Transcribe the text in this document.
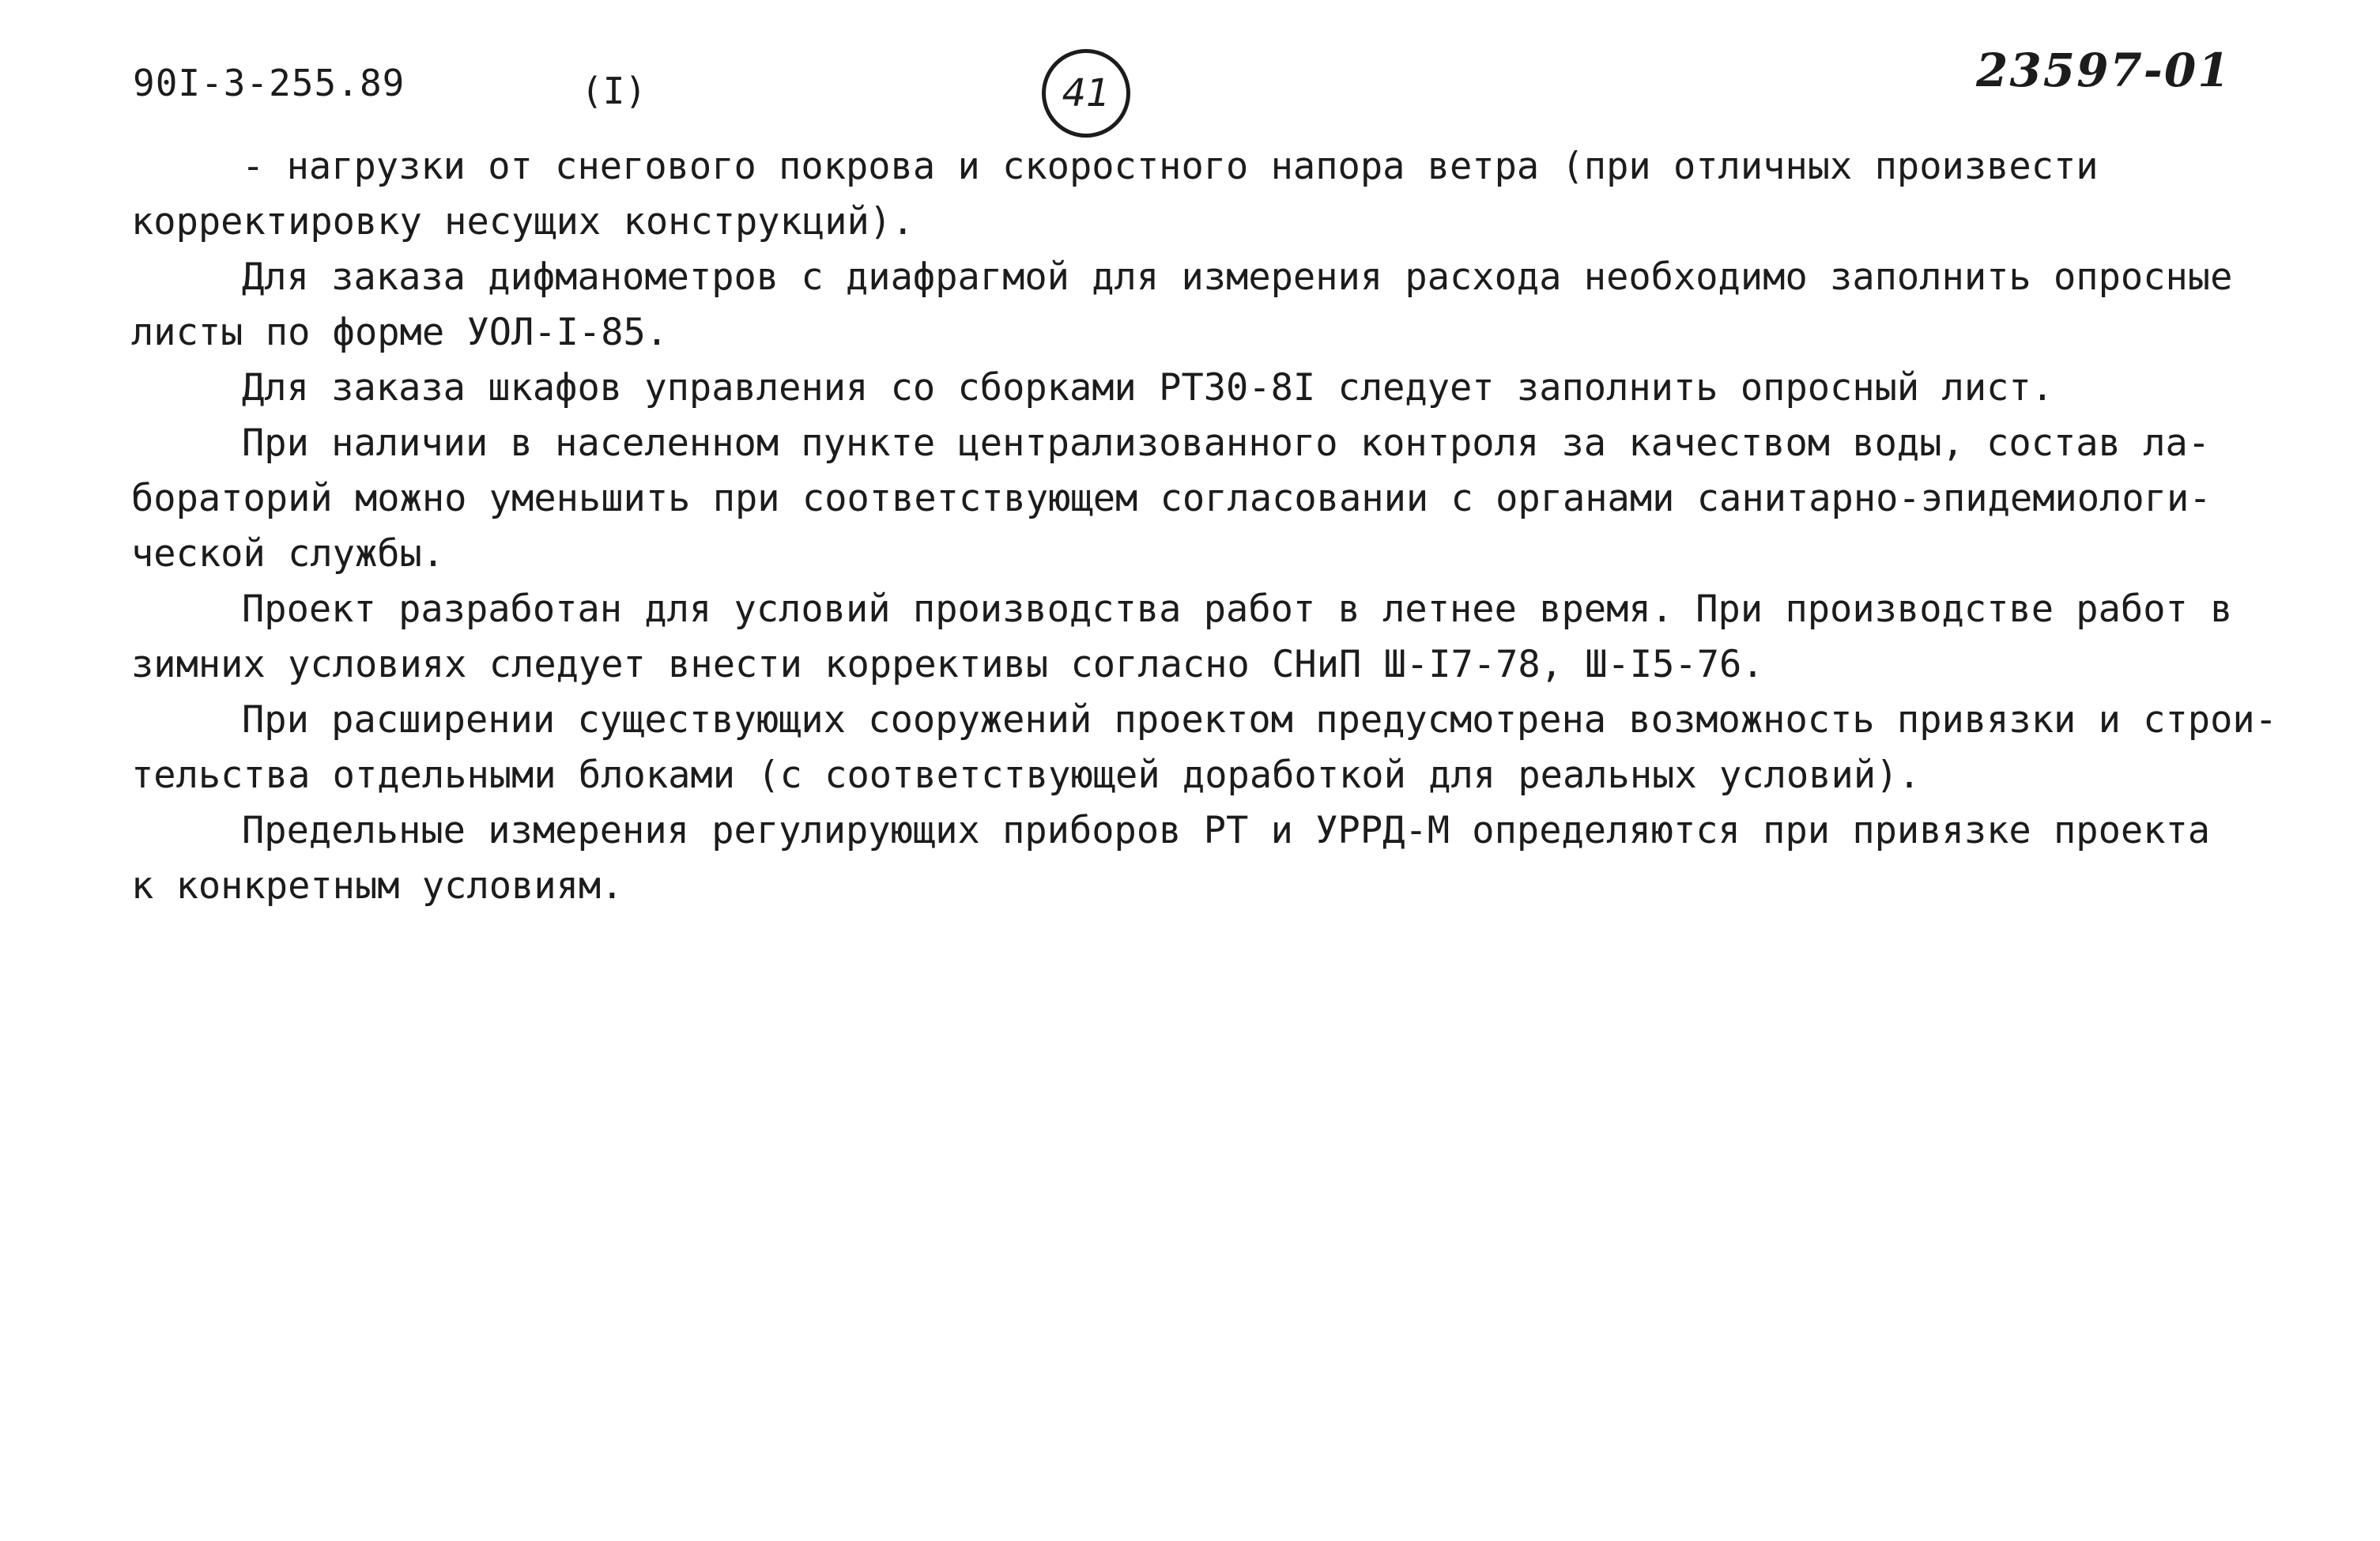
90I-3-255.89	(I)	41	23597-01

- нагрузки от снегового покрова и скоростного напора ветра (при отличных произвести
корректировку несущих конструкций).

Для заказа дифманометров с диафрагмой для измерения расхода необходимо заполнить опросные
листы по форме УОЛ-I-85.

Для заказа шкафов управления со сборками РТ30-8I следует заполнить опросный лист.

При наличии в населенном пункте централизованного контроля за качеством воды, состав ла-
бораторий можно уменьшить при соответствующем согласовании с органами санитарно-эпидемиологи-
ческой службы.

Проект разработан для условий производства работ в летнее время. При производстве работ в
зимних условиях следует внести коррективы согласно СНиП Ш-I7-78, Ш-I5-76.

При расширении существующих сооружений проектом предусмотрена возможность привязки и строи-
тельства отдельными блоками (с соответствующей доработкой для реальных условий).

Предельные измерения регулирующих приборов РТ и УРРД-М определяются при привязке проекта
к конкретным условиям.
